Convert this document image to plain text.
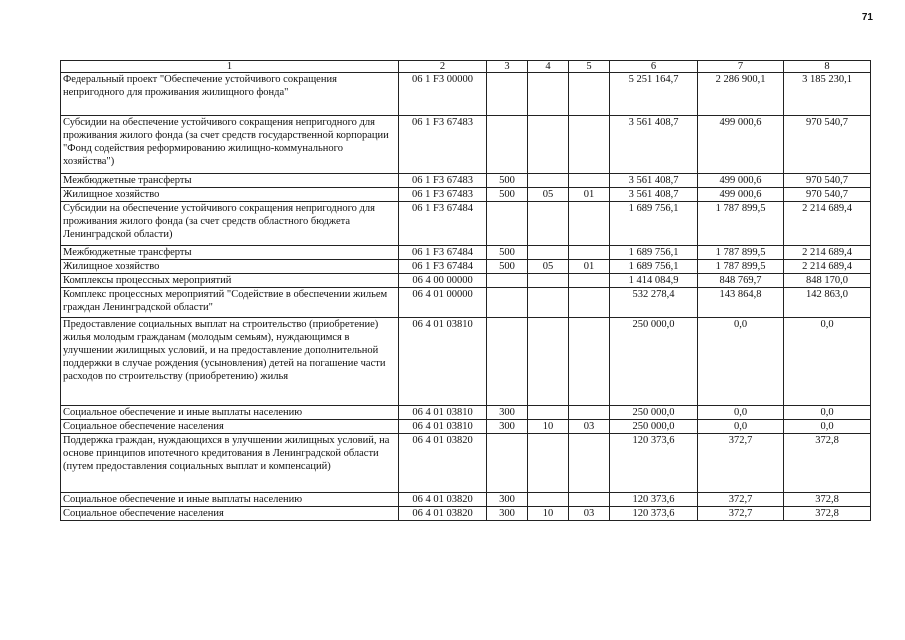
71
1	2	3	4	5	6	7	8
Федеральный проект "Обеспечение устойчивого сокращения непригодного для проживания жилищного фонда"	06 1 F3 00000				5 251 164,7	2 286 900,1	3 185 230,1
Субсидии на обеспечение устойчивого сокращения непригодного для проживания жилого фонда (за счет средств государственной корпорации "Фонд содействия реформированию жилищно-коммунального хозяйства")	06 1 F3 67483				3 561 408,7	499 000,6	970 540,7
Межбюджетные трансферты	06 1 F3 67483	500			3 561 408,7	499 000,6	970 540,7
Жилищное хозяйство	06 1 F3 67483	500	05	01	3 561 408,7	499 000,6	970 540,7
Субсидии на обеспечение устойчивого сокращения непригодного для проживания жилого фонда (за счет средств областного бюджета Ленинградской области)	06 1 F3 67484				1 689 756,1	1 787 899,5	2 214 689,4
Межбюджетные трансферты	06 1 F3 67484	500			1 689 756,1	1 787 899,5	2 214 689,4
Жилищное хозяйство	06 1 F3 67484	500	05	01	1 689 756,1	1 787 899,5	2 214 689,4
Комплексы процессных мероприятий	06 4 00 00000				1 414 084,9	848 769,7	848 170,0
Комплекс процессных мероприятий "Содействие в обеспечении жильем граждан Ленинградской области"	06 4 01 00000				532 278,4	143 864,8	142 863,0
Предоставление социальных выплат на строительство (приобретение) жилья молодым гражданам (молодым семьям), нуждающимся в улучшении жилищных условий, и на предоставление дополнительной поддержки в случае рождения (усыновления) детей на погашение части расходов по строительству (приобретению) жилья	06 4 01 03810				250 000,0	0,0	0,0
Социальное обеспечение и иные выплаты населению	06 4 01 03810	300			250 000,0	0,0	0,0
Социальное обеспечение населения	06 4 01 03810	300	10	03	250 000,0	0,0	0,0
Поддержка граждан, нуждающихся в улучшении жилищных условий, на основе принципов ипотечного кредитования в Ленинградской области (путем предоставления социальных выплат и компенсаций)	06 4 01 03820				120 373,6	372,7	372,8
Социальное обеспечение и иные выплаты населению	06 4 01 03820	300			120 373,6	372,7	372,8
Социальное обеспечение населения	06 4 01 03820	300	10	03	120 373,6	372,7	372,8
